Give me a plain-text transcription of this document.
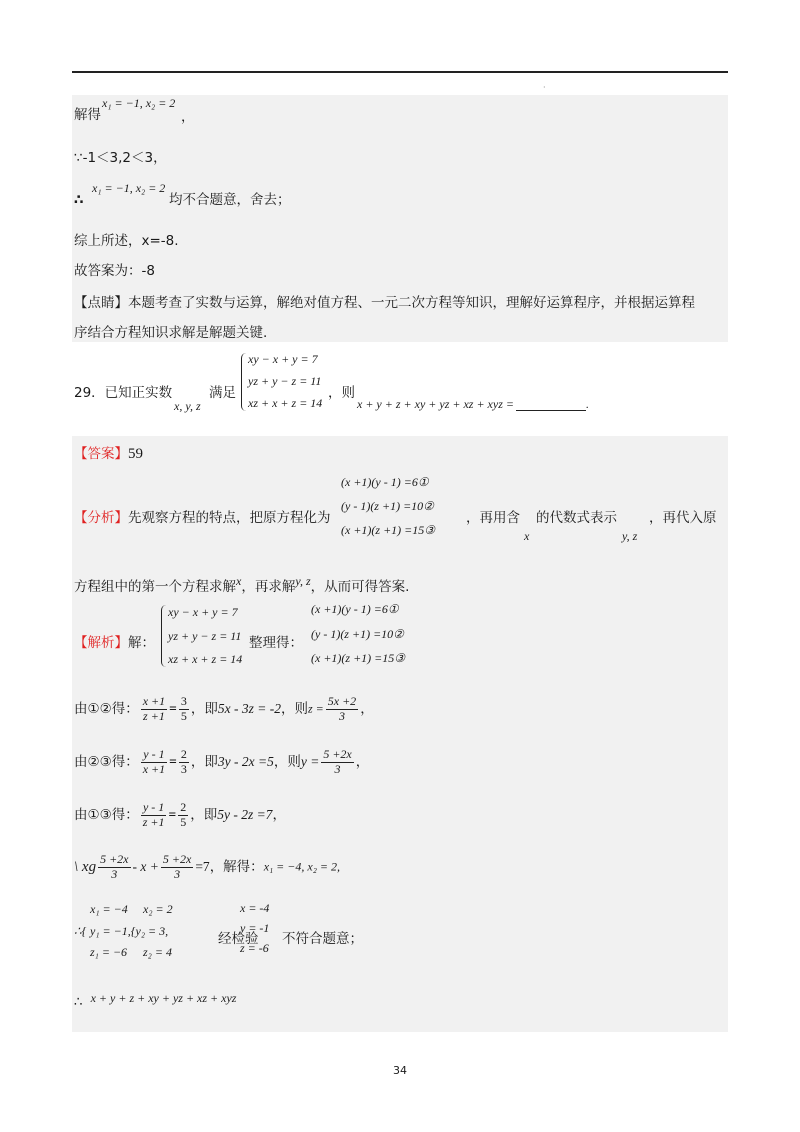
·
解得
x₁ = −1, x₂ = 2
，
∵-1＜3,2＜3，
∴
x₁ = −1, x₂ = 2
均不合题意，舍去；
综上所述，x=-8.
故答案为：-8
【点睛】本题考查了实数与运算，解绝对值方程、一元二次方程等知识，理解好运算程序，并根据运算程
序结合方程知识求解是解题关键.
29．已知正实数
x, y, z
满足
xy − x + y = 7
yz + y − z = 11
xz + x + z = 14
，则
x + y + z + xy + yz + xz + xyz =	.
【答案】59
【分析】先观察方程的特点，把原方程化为
(x +1)(y - 1) =6①
(y - 1)(z +1) =10②
(x +1)(z +1) =15③
，再用含
x
的代数式表示
y, z
，再代入原
方程组中的第一个方程求解x，再求解y, z，从而可得答案.
【解析】解：
xy − x + y = 7
yz + y − z = 11
xz + x + z = 14
整理得：
(x +1)(y - 1) =6①
(y - 1)(z +1) =10②
(x +1)(z +1) =15③
由①②得： $\frac{x +1}{z +1} = \frac{3}{5}$ ，即5x - 3z = -2，则$z = \frac{5x +2}{3}$ ，
由②③得： $\frac{y - 1}{x +1} = \frac{2}{3}$ ，即3y - 2x =5，则$y = \frac{5 +2x}{3}$ ，
由①③得： $\frac{y - 1}{z +1} = \frac{2}{5}$ ，即5y - 2z =7，
\ xg $\frac{5 +2x}{3} - x + \frac{5 +2x}{3} =7$，解得：x₁ = −4, x₂ = 2,
x₁ = −4 x₂ = 2
∴{ y₁ = −1,{y₂ = 3,
z₁ = −6 z₂ = 4
经检验
x = -4
y = -1
z = -6
不符合题意；
∴ x + y + z + xy + yz + xz + xyz
34
